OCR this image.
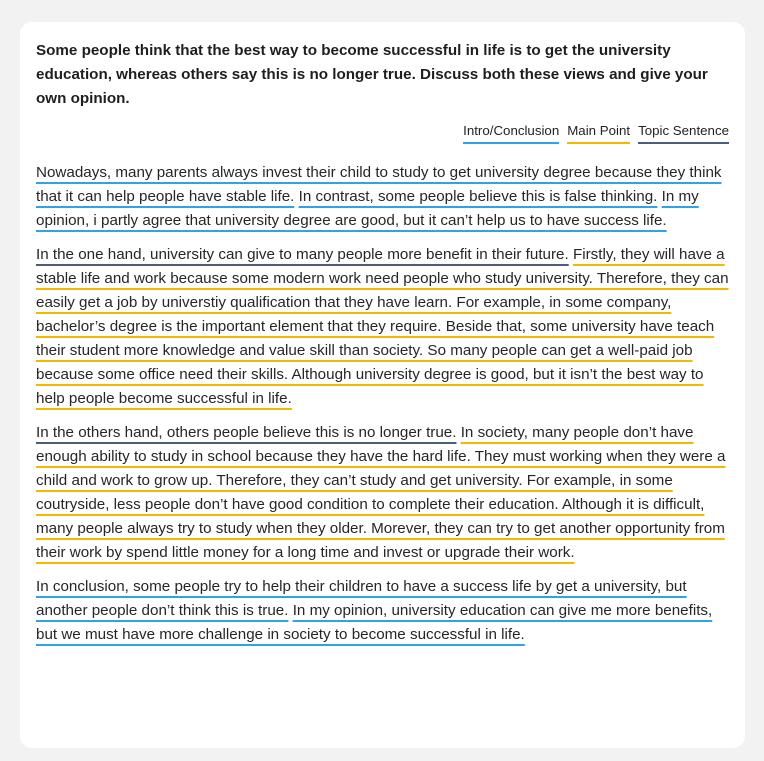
Some people think that the best way to become successful in life is to get the university education, whereas others say this is no longer true. Discuss both these views and give your own opinion.

Intro/Conclusion Main Point Topic Sentence

Nowadays, many parents always invest their child to study to get university degree because they think that it can help people have stable life. In contrast, some people believe this is false thinking. In my opinion, i partly agree that university degree are good, but it can’t help us to have success life.

In the one hand, university can give to many people more benefit in their future. Firstly, they will have a stable life and work because some modern work need people who study university. Therefore, they can easily get a job by universtiy qualification that they have learn. For example, in some company, bachelor’s degree is the important element that they require. Beside that, some university have teach their student more knowledge and value skill than society. So many people can get a well-paid job because some office need their skills. Although university degree is good, but it isn’t the best way to help people become successful in life.

In the others hand, others people believe this is no longer true. In society, many people don’t have enough ability to study in school because they have the hard life. They must working when they were a child and work to grow up. Therefore, they can’t study and get university. For example, in some coutryside, less people don’t have good condition to complete their education. Although it is difficult, many people always try to study when they older. Morever, they can try to get another opportunity from their work by spend little money for a long time and invest or upgrade their work.

In conclusion, some people try to help their children to have a success life by get a university, but another people don’t think this is true. In my opinion, university education can give me more benefits, but we must have more challenge in society to become successful in life.
